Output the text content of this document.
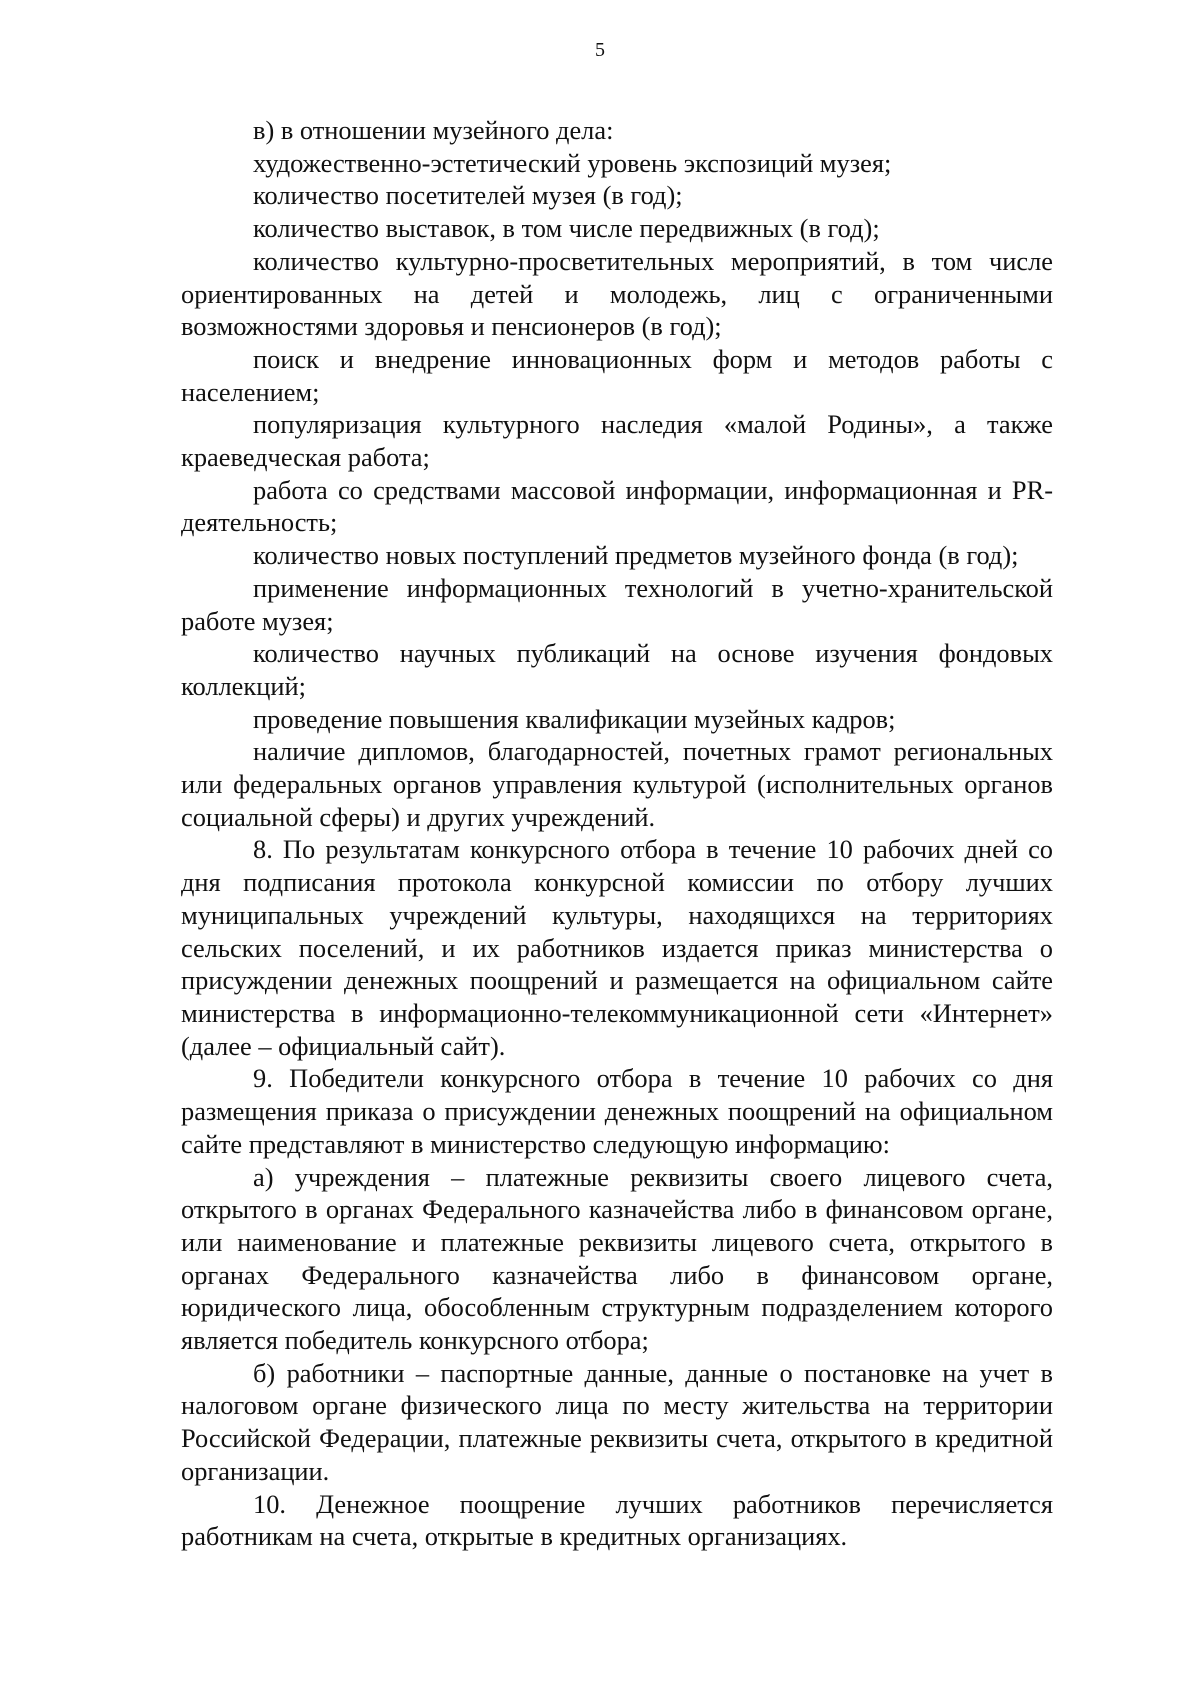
5

в) в отношении музейного дела:

художественно-эстетический уровень экспозиций музея;

количество посетителей музея (в год);

количество выставок, в том числе передвижных (в год);

количество культурно-просветительных мероприятий, в том числе ориентированных на детей и молодежь, лиц с ограниченными возможностями здоровья и пенсионеров (в год);

поиск и внедрение инновационных форм и методов работы с населением;

популяризация культурного наследия «малой Родины», а также краеведческая работа;

работа со средствами массовой информации, информационная и PR-деятельность;

количество новых поступлений предметов музейного фонда (в год);

применение информационных технологий в учетно-хранительской работе музея;

количество научных публикаций на основе изучения фондовых коллекций;

проведение повышения квалификации музейных кадров;

наличие дипломов, благодарностей, почетных грамот региональных или федеральных органов управления культурой (исполнительных органов социальной сферы) и других учреждений.

8. По результатам конкурсного отбора в течение 10 рабочих дней со дня подписания протокола конкурсной комиссии по отбору лучших муниципальных учреждений культуры, находящихся на территориях сельских поселений, и их работников издается приказ министерства о присуждении денежных поощрений и размещается на официальном сайте министерства в информационно-телекоммуникационной сети «Интернет» (далее – официальный сайт).

9. Победители конкурсного отбора в течение 10 рабочих со дня размещения приказа о присуждении денежных поощрений на официальном сайте представляют в министерство следующую информацию:

а) учреждения – платежные реквизиты своего лицевого счета, открытого в органах Федерального казначейства либо в финансовом органе, или наименование и платежные реквизиты лицевого счета, открытого в органах Федерального казначейства либо в финансовом органе, юридического лица, обособленным структурным подразделением которого является победитель конкурсного отбора;

б) работники – паспортные данные, данные о постановке на учет в налоговом органе физического лица по месту жительства на территории Российской Федерации, платежные реквизиты счета, открытого в кредитной организации.

10. Денежное поощрение лучших работников перечисляется работникам на счета, открытые в кредитных организациях.
